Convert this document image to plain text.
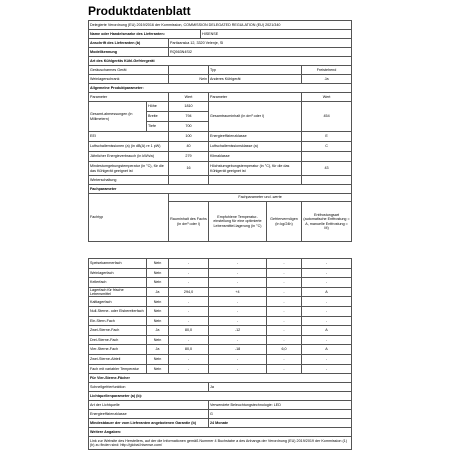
Produktdatenblatt
Delegierte Verordnung (EU) 2019/2016 der Kommission, COMMISSION DELEGATED REGULATION (EU) 2021/340						
Name oder Handelsmarke des Lieferanten:			HISENSE			
Anschrift des Lieferanten (b)		Partizanska 12, 3320 Velenje, SI				
Modellkennung		RQ563N4SI2				
Art des Kühlgeräts Kühl-Gefriergerät						
Geräuscharmes Gerät				Typ		Freistehend
Weinlagerschrank		Nein		Anderes Kühlgerät		Ja
Allgemeine Produktparameter:						
Parameter		Wert		Parameter		Wert
Gesamt-abmessungen (in Millimetern)	Höhe	1810		Gesamtrauminhalt (in dm³ oder l)		454
	Breite	794				
	Tiefe	700				
EEI		100		Energieeffizienzklasse		E
Luftschallemissionen (a) (in dB(A) re 1 pW)		40		Luftschallemissionsklasse (a)		C
Jährlicher Energieverbrauch (in kWh/a)		279		Klimaklasse		
Mindestumgebungstemperatur (in °C), für die das Kühlgerät geeignet ist		16		Höchstumgebungstemperatur (in °C), für die das Kühlgerät geeignet ist		43
Winterschaltung						
Fachparameter						
Fachtyp		Fachparameter und -werte				
		Rauminhalt des Fachs (in dm³ oder l)		Empfohlene Temperatur-einstellung für eine optimierte Lebensmittel-lagerung (in °C)	Gefriervermögen (in kg/24h)	Entfrostungsart (automatische Entfrostung = A, manuelle Entfrostung = M)
Speisekammerfach	Nein	-	-	-	-
Weinlagerfach	Nein	-	-	-	-
Kellerfach	Nein	-	-	-	-
Lagerfach für frische Lebensmittel	Ja	294,0	+4	-	A
Kaltlagerfach	Nein	-	-	-	-
Null-Sterne- oder Eisbereiterfach	Nein	-	-	-	-
Ein-Stern-Fach	Nein	-	-	-	-
Zwei-Sterne-Fach	Ja	80,0	-12	-	A
Drei-Sterne-Fach	Nein	-	-	-	-
Vier-Sterne-Fach	Ja	80,0	-18	6,0	A
Zwei-Sterne-Abteil	Nein	-	-	-	-
Fach mit variabler Temperatur	Nein	-	-	-	-
Für Vier-Sterne-Fächer	
Schnellgefrierfunktion	Ja
Lichtquellenparameter (a) (b):	
Art der Lichtquelle	Verwendete Beleuchtungstechnologie: LED
Energieeffizienzklasse	G
Mindestdauer der vom Lieferanten angebotenen Garantie (b)	24 Monate
Weitere Angaben:	
Link zur Website des Herstellers, auf der die Informationen gemäß Nummer 4 Buchstabe a des Anhangs der Verordnung (EU) 2019/2019 der Kommission (1) (b) zu finden sind: http://global.hisense.com/	
